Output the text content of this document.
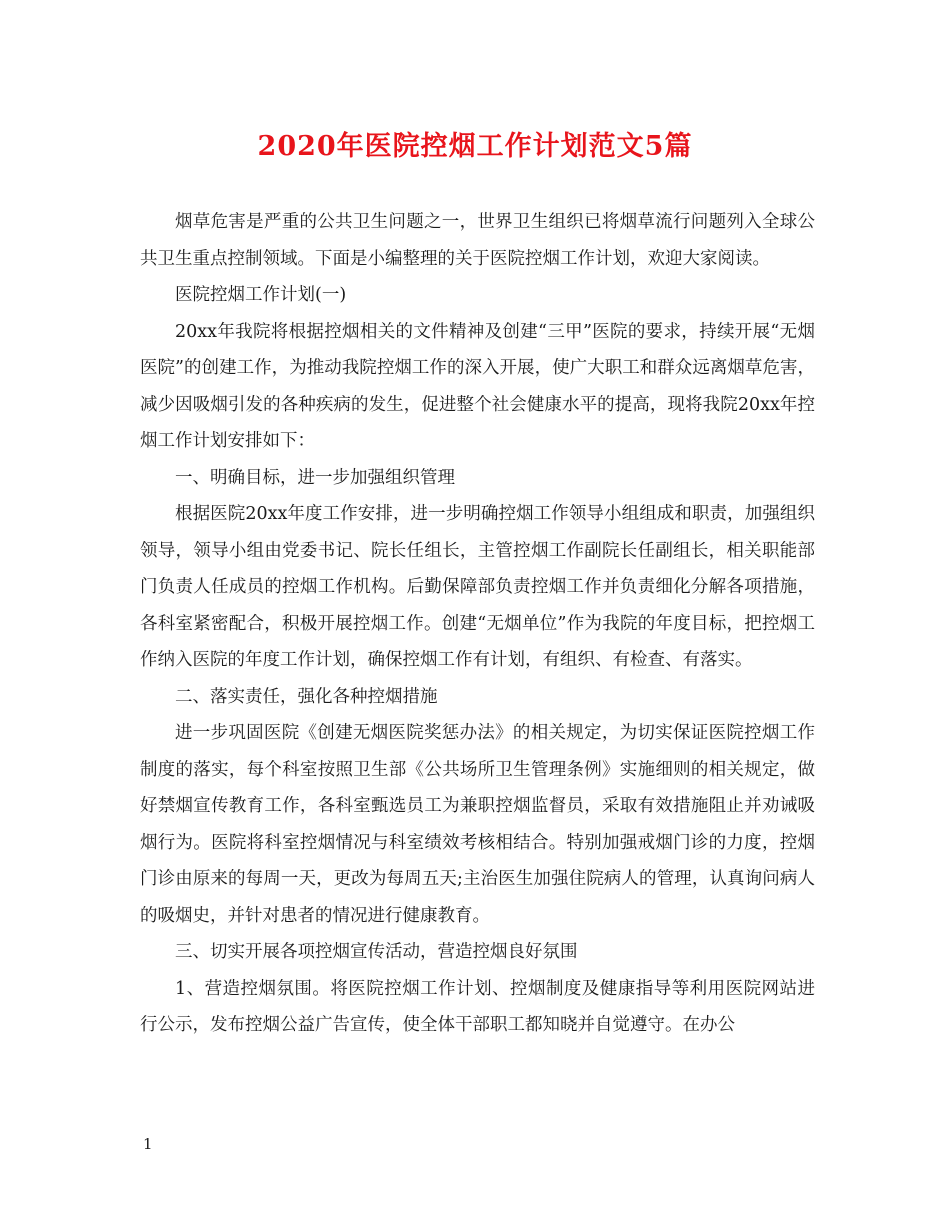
2020年医院控烟工作计划范文5篇

烟草危害是严重的公共卫生问题之一，世界卫生组织已将烟草流行问题列入全球公共卫生重点控制领域。下面是小编整理的关于医院控烟工作计划，欢迎大家阅读。

医院控烟工作计划(一)

20xx年我院将根据控烟相关的文件精神及创建“三甲”医院的要求，持续开展“无烟医院”的创建工作，为推动我院控烟工作的深入开展，使广大职工和群众远离烟草危害，减少因吸烟引发的各种疾病的发生，促进整个社会健康水平的提高，现将我院20xx年控烟工作计划安排如下：

一、明确目标，进一步加强组织管理

根据医院20xx年度工作安排，进一步明确控烟工作领导小组组成和职责，加强组织领导，领导小组由党委书记、院长任组长，主管控烟工作副院长任副组长，相关职能部门负责人任成员的控烟工作机构。后勤保障部负责控烟工作并负责细化分解各项措施，各科室紧密配合，积极开展控烟工作。创建“无烟单位”作为我院的年度目标，把控烟工作纳入医院的年度工作计划，确保控烟工作有计划，有组织、有检查、有落实。

二、落实责任，强化各种控烟措施

进一步巩固医院《创建无烟医院奖惩办法》的相关规定，为切实保证医院控烟工作制度的落实，每个科室按照卫生部《公共场所卫生管理条例》实施细则的相关规定，做好禁烟宣传教育工作，各科室甄选员工为兼职控烟监督员，采取有效措施阻止并劝诫吸烟行为。医院将科室控烟情况与科室绩效考核相结合。特别加强戒烟门诊的力度，控烟门诊由原来的每周一天，更改为每周五天;主治医生加强住院病人的管理，认真询问病人的吸烟史，并针对患者的情况进行健康教育。

三、切实开展各项控烟宣传活动，营造控烟良好氛围

1、营造控烟氛围。将医院控烟工作计划、控烟制度及健康指导等利用医院网站进行公示，发布控烟公益广告宣传，使全体干部职工都知晓并自觉遵守。在办公

1
